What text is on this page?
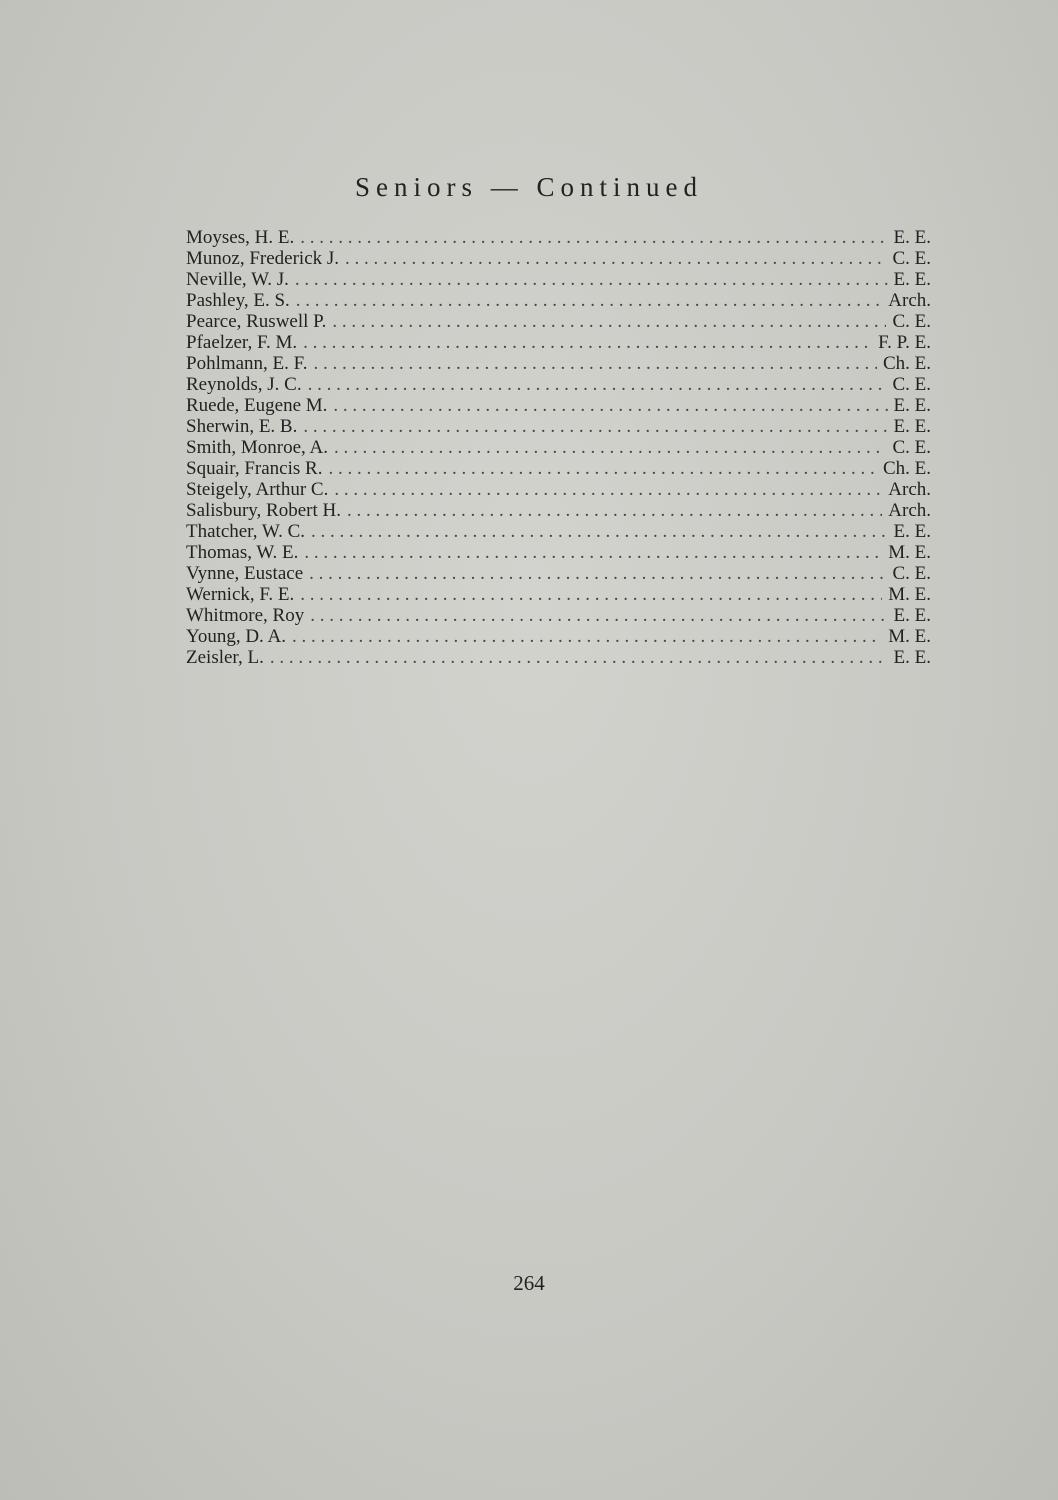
Seniors — Continued
Moyses, H. E. . . .	E. E.
Munoz, Frederick J. . . .	C. E.
Neville, W. J. . . .	E. E.
Pashley, E. S. . . .	Arch.
Pearce, Ruswell P. . . .	C. E.
Pfaelzer, F. M. . . .	F. P. E.
Pohlmann, E. F. . . .	Ch. E.
Reynolds, J. C. . . .	C. E.
Ruede, Eugene M. . . .	E. E.
Sherwin, E. B. . . .	E. E.
Smith, Monroe, A. . . .	C. E.
Squair, Francis R. . . .	Ch. E.
Steigely, Arthur C. . . .	Arch.
Salisbury, Robert H. . . .	Arch.
Thatcher, W. C. . . .	E. E.
Thomas, W. E. . . .	M. E.
Vynne, Eustace . . .	C. E.
Wernick, F. E. . . .	M. E.
Whitmore, Roy . . .	E. E.
Young, D. A. . . .	M. E.
Zeisler, L. . . .	E. E.
264
